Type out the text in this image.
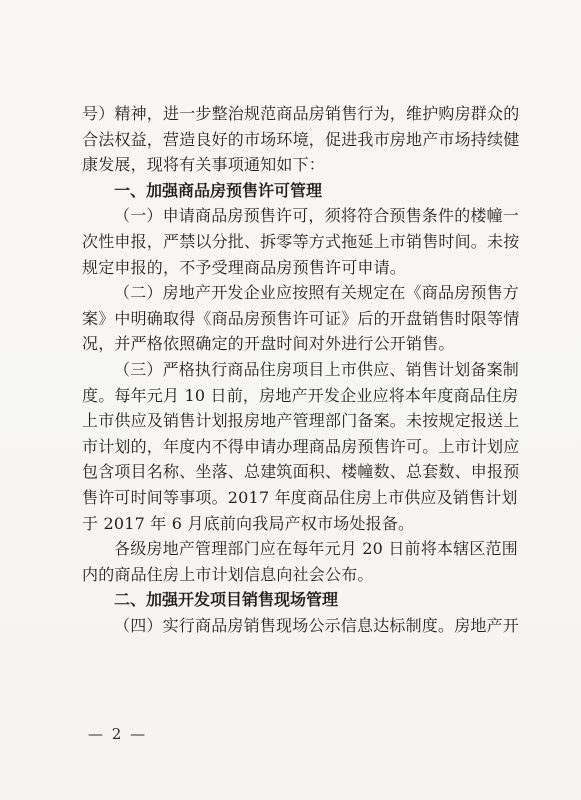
号）精神，进一步整治规范商品房销售行为，维护购房群众的
合法权益，营造良好的市场环境，促进我市房地产市场持续健
康发展，现将有关事项通知如下：
一、加强商品房预售许可管理
（一）申请商品房预售许可，须将符合预售条件的楼幢一
次性申报，严禁以分批、拆零等方式拖延上市销售时间。未按
规定申报的，不予受理商品房预售许可申请。
（二）房地产开发企业应按照有关规定在《商品房预售方
案》中明确取得《商品房预售许可证》后的开盘销售时限等情
况，并严格依照确定的开盘时间对外进行公开销售。
（三）严格执行商品住房项目上市供应、销售计划备案制
度。每年元月 10 日前，房地产开发企业应将本年度商品住房
上市供应及销售计划报房地产管理部门备案。未按规定报送上
市计划的，年度内不得申请办理商品房预售许可。上市计划应
包含项目名称、坐落、总建筑面积、楼幢数、总套数、申报预
售许可时间等事项。2017 年度商品住房上市供应及销售计划
于 2017 年 6 月底前向我局产权市场处报备。
各级房地产管理部门应在每年元月 20 日前将本辖区范围
内的商品住房上市计划信息向社会公布。
二、加强开发项目销售现场管理
（四）实行商品房销售现场公示信息达标制度。房地产开
— 2 —
